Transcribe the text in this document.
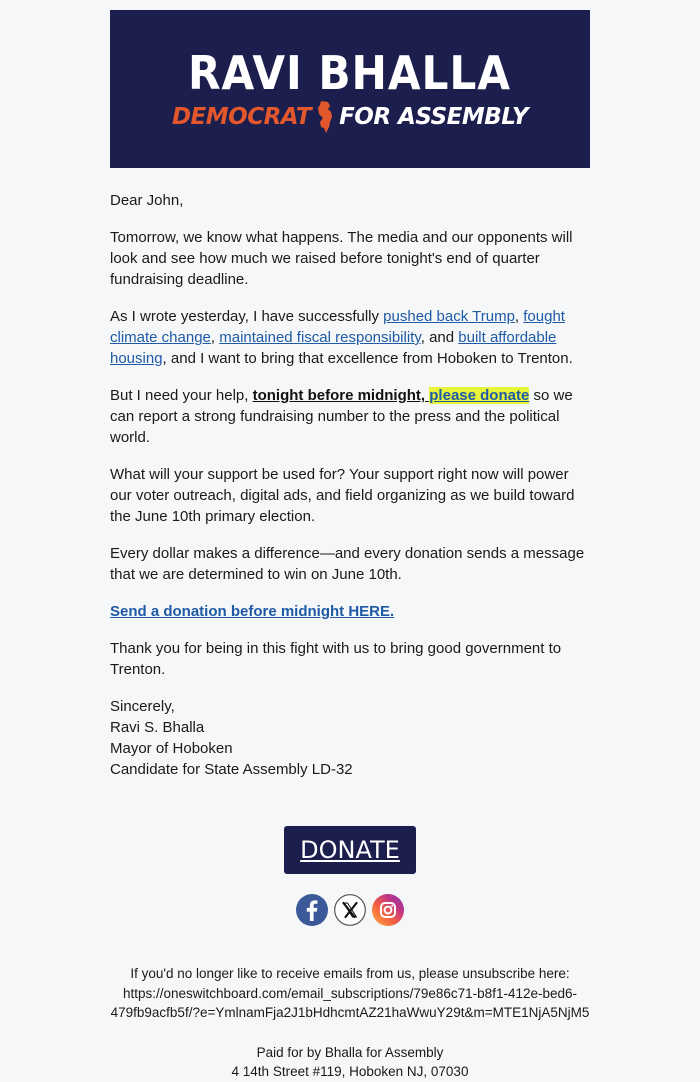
RAVI BHALLA
DEMOCRAT FOR ASSEMBLY

Dear John,

Tomorrow, we know what happens. The media and our opponents will look and see how much we raised before tonight's end of quarter fundraising deadline.

As I wrote yesterday, I have successfully pushed back Trump, fought climate change, maintained fiscal responsibility, and built affordable housing, and I want to bring that excellence from Hoboken to Trenton.

But I need your help, tonight before midnight, please donate so we can report a strong fundraising number to the press and the political world.

What will your support be used for? Your support right now will power our voter outreach, digital ads, and field organizing as we build toward the June 10th primary election.

Every dollar makes a difference—and every donation sends a message that we are determined to win on June 10th.

Send a donation before midnight HERE.

Thank you for being in this fight with us to bring good government to Trenton.

Sincerely,

Ravi S. Bhalla

Mayor of Hoboken

Candidate for State Assembly LD-32

DONATE

If you'd no longer like to receive emails from us, please unsubscribe here:

https://oneswitchboard.com/email_subscriptions/79e86c71-b8f1-412e-bed6-

479fb9acfb5f/?e=YmlnamFja2J1bHdhcmtAZ21haWwuY29t&m=MTE1NjA5NjM5

Paid for by Bhalla for Assembly

4 14th Street #119, Hoboken NJ, 07030
